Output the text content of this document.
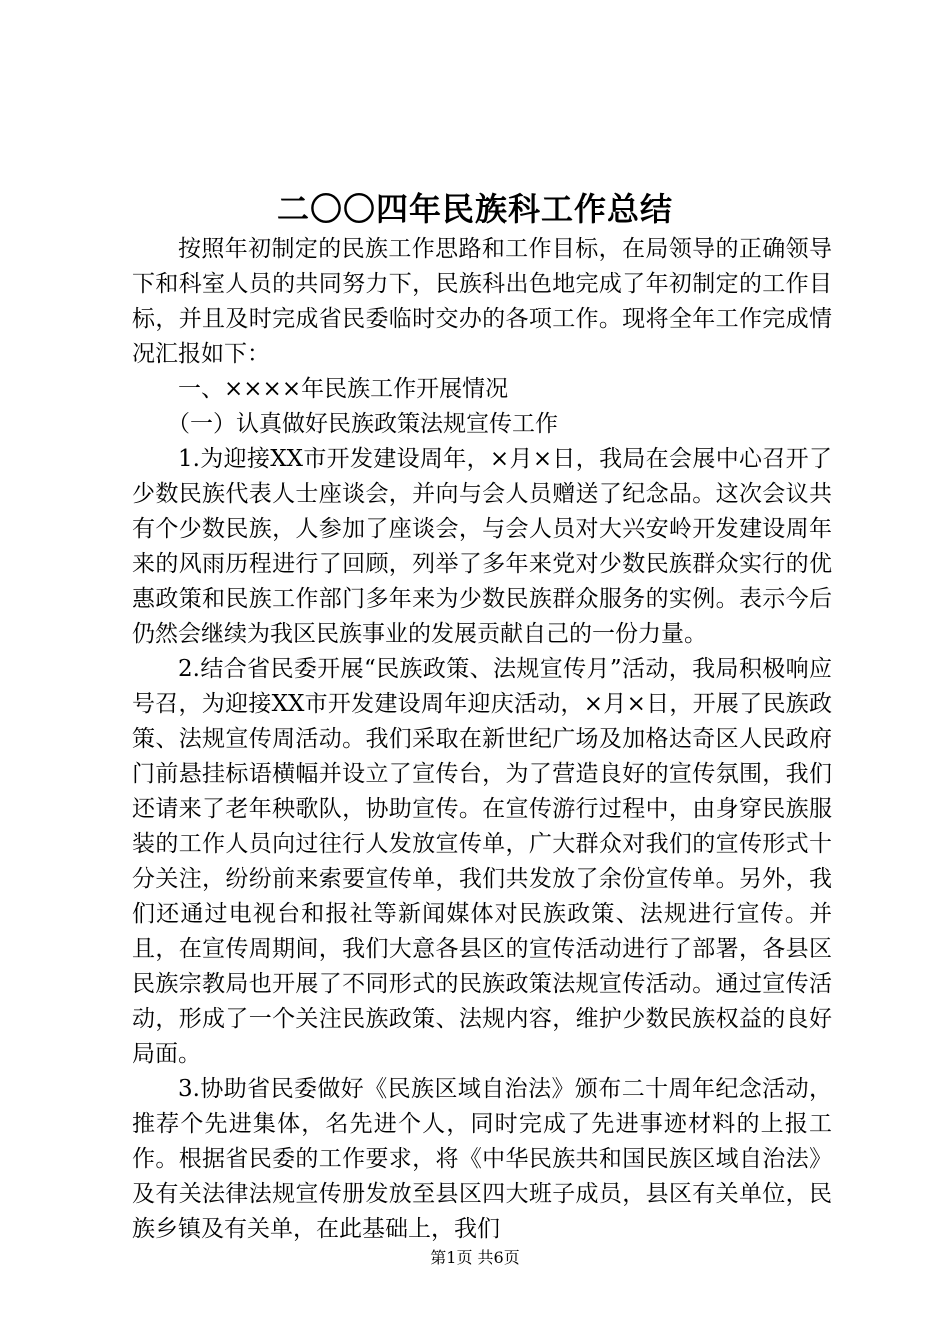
二〇〇四年民族科工作总结

按照年初制定的民族工作思路和工作目标，在局领导的正确领导下和科室人员的共同努力下，民族科出色地完成了年初制定的工作目标，并且及时完成省民委临时交办的各项工作。现将全年工作完成情况汇报如下：

一、××××年民族工作开展情况

（一）认真做好民族政策法规宣传工作

1.为迎接XX市开发建设周年，×月×日，我局在会展中心召开了少数民族代表人士座谈会，并向与会人员赠送了纪念品。这次会议共有个少数民族，人参加了座谈会，与会人员对大兴安岭开发建设周年来的风雨历程进行了回顾，列举了多年来党对少数民族群众实行的优惠政策和民族工作部门多年来为少数民族群众服务的实例。表示今后仍然会继续为我区民族事业的发展贡献自己的一份力量。

2.结合省民委开展“民族政策、法规宣传月”活动，我局积极响应号召，为迎接XX市开发建设周年迎庆活动，×月×日，开展了民族政策、法规宣传周活动。我们采取在新世纪广场及加格达奇区人民政府门前悬挂标语横幅并设立了宣传台，为了营造良好的宣传氛围，我们还请来了老年秧歌队，协助宣传。在宣传游行过程中，由身穿民族服装的工作人员向过往行人发放宣传单，广大群众对我们的宣传形式十分关注，纷纷前来索要宣传单，我们共发放了余份宣传单。另外，我们还通过电视台和报社等新闻媒体对民族政策、法规进行宣传。并且，在宣传周期间，我们大意各县区的宣传活动进行了部署，各县区民族宗教局也开展了不同形式的民族政策法规宣传活动。通过宣传活动，形成了一个关注民族政策、法规内容，维护少数民族权益的良好局面。

3.协助省民委做好《民族区域自治法》颁布二十周年纪念活动，推荐个先进集体，名先进个人，同时完成了先进事迹材料的上报工作。根据省民委的工作要求，将《中华民族共和国民族区域自治法》及有关法律法规宣传册发放至县区四大班子成员，县区有关单位，民族乡镇及有关单，在此基础上，我们

第1页 共6页
